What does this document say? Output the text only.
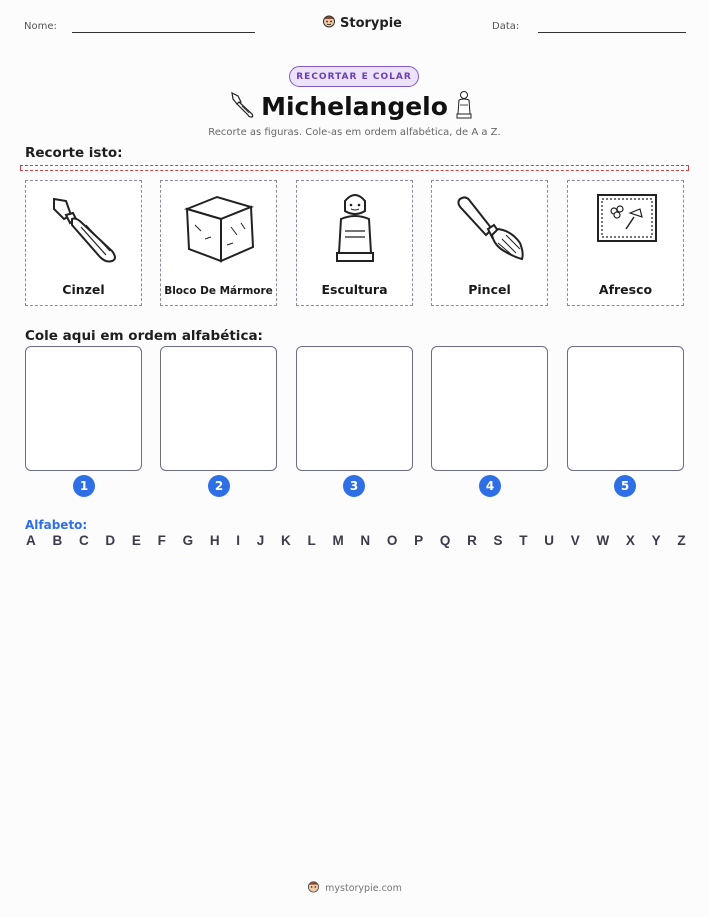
Nome:	Storypie	Data:
RECORTAR E COLAR
Michelangelo
Recorte as figuras. Cole-as em ordem alfabética, de A a Z.
Recorte isto:
Cinzel	Bloco De Mármore	Escultura	Pincel	Afresco
Cole aqui em ordem alfabética:
1	2	3	4	5
Alfabeto:
A B C D E F G H I J K L M N O P Q R S T U V W X Y Z
mystorypie.com
